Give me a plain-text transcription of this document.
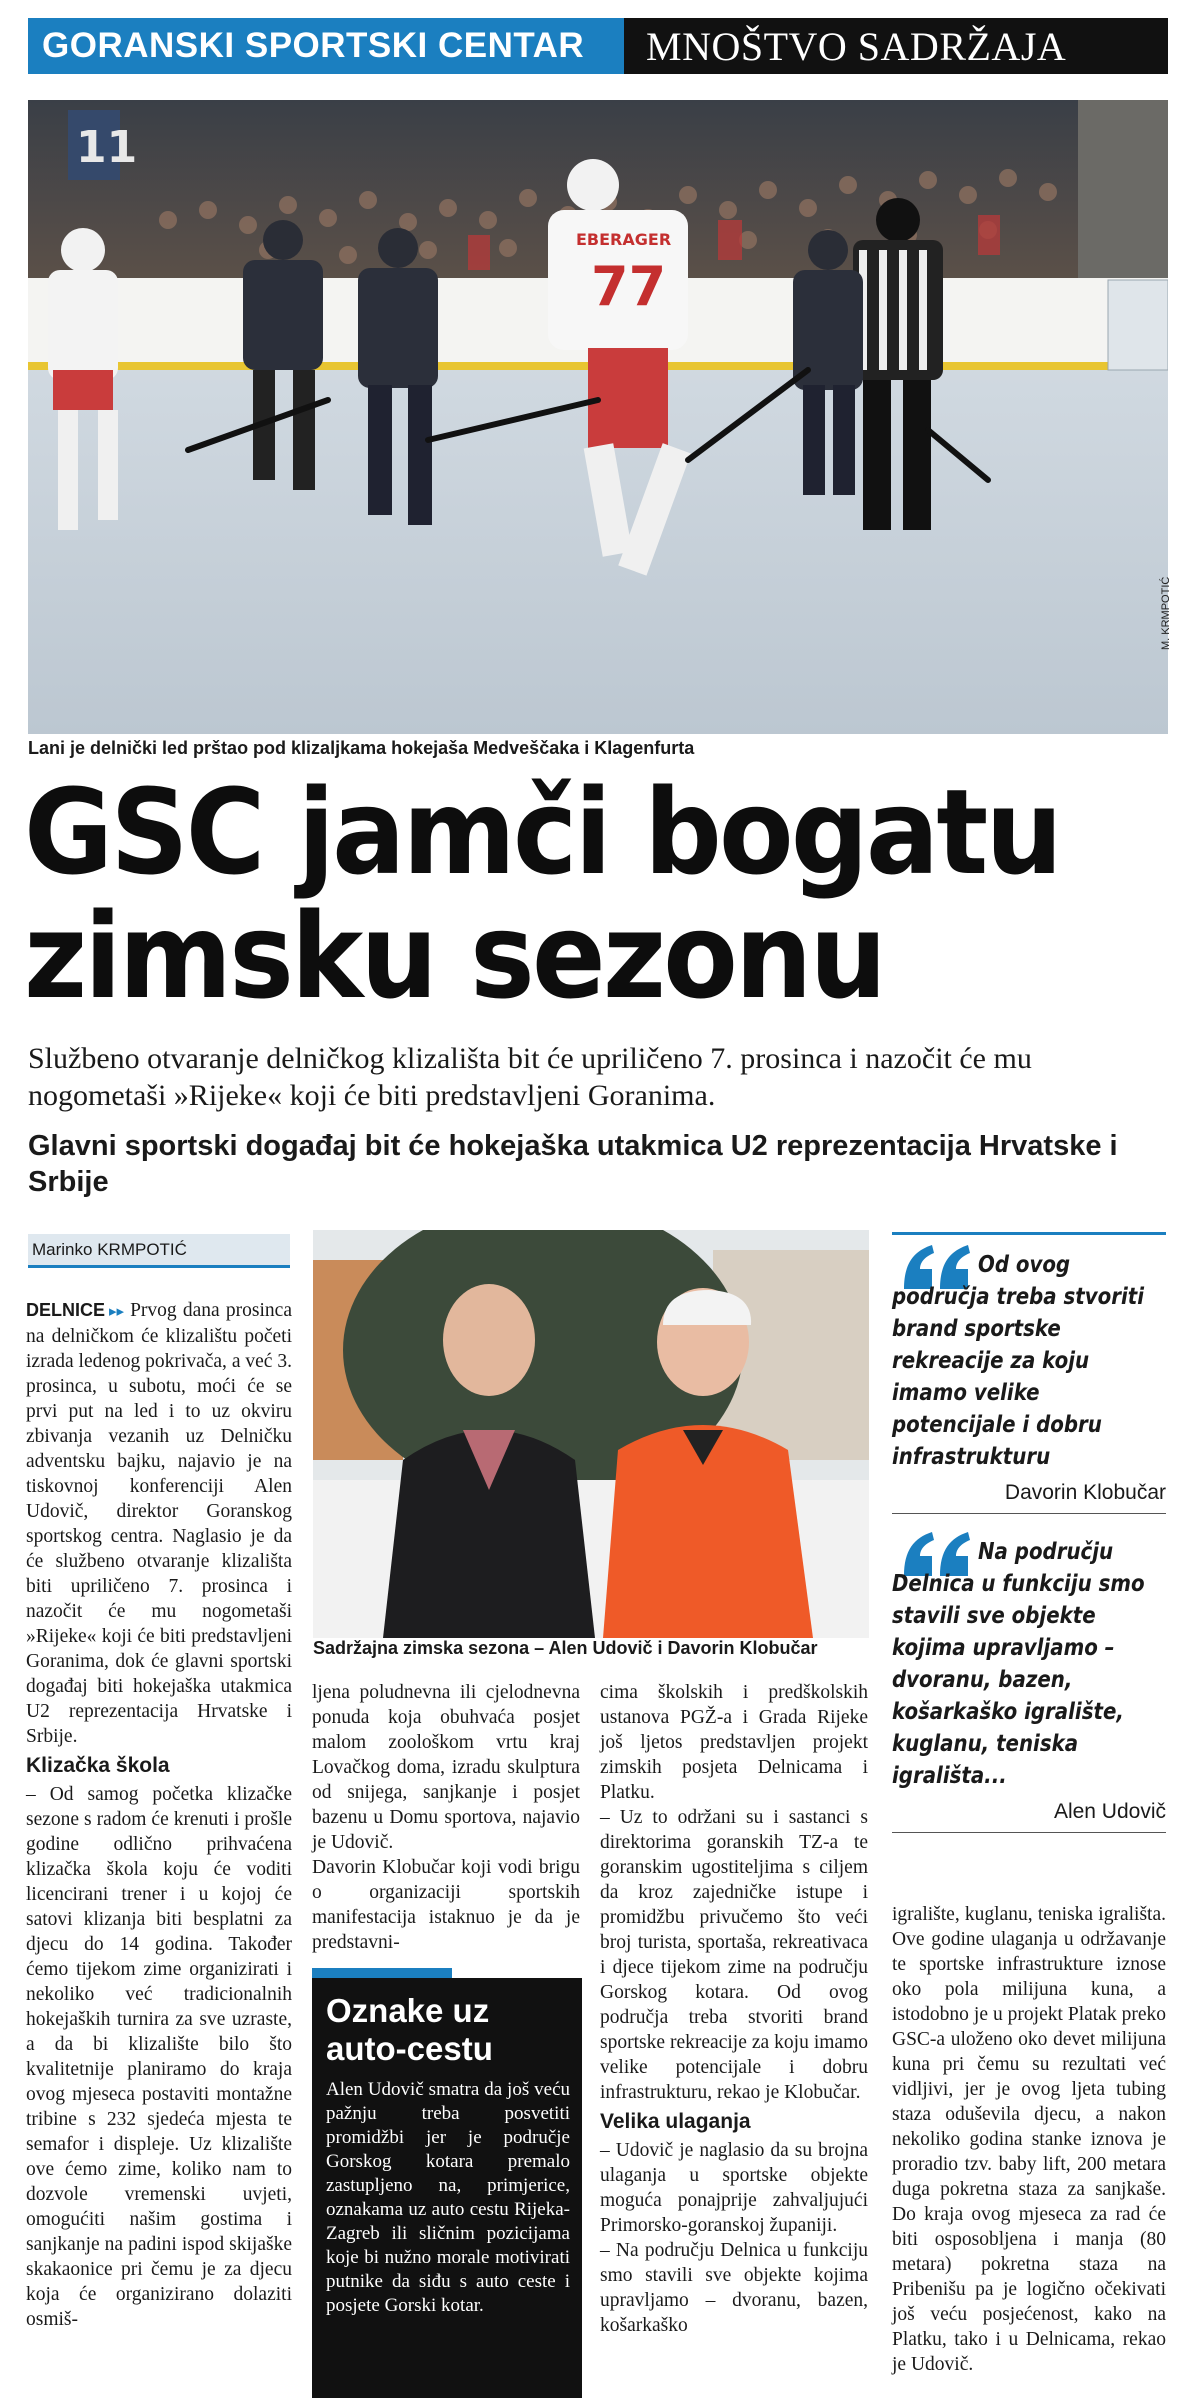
GORANSKI SPORTSKI CENTAR	MNOŠTVO SADRŽAJA
11
77
EBERAGER
M. KRMPOTIĆ
Lani je delnički led prštao pod klizaljkama hokejaša Medveščaka i Klagenfurta
GSC jamči bogatu
zimsku sezonu
Službeno otvaranje delničkog klizališta bit će upriličeno 7. prosinca i nazočit će mu nogometaši »Rijeke« koji će biti predstavljeni Goranima.
Glavni sportski događaj bit će hokejaška utakmica U2 reprezentacija Hrvatske i Srbije
Marinko
KRMPOTIĆ

DELNICE ▸▸ Prvog dana prosinca na delničkom će klizalištu početi izrada ledenog pokrivača, a već 3. prosinca, u subotu, moći će se prvi put na led i to uz okviru zbivanja vezanih uz Delničku adventsku bajku, najavio je na tiskovnoj konferenciji Alen Udovič, direktor Goranskog sportskog centra. Naglasio je da će službeno otvaranje klizališta biti upriličeno 7. prosinca i nazočit će mu nogometaši »Rijeke« koji će biti predstavljeni Goranima, dok će glavni sportski događaj biti hokejaška utakmica U2 reprezentacija Hrvatske i Srbije.

Klizačka škola

– Od samog početka klizačke sezone s radom će krenuti i prošle godine odlično prihvaćena klizačka škola koju će voditi licencirani trener i u kojoj će satovi klizanja biti besplatni za djecu do 14 godina. Također ćemo tijekom zime organizirati i nekoliko već tradicionalnih hokejaških turnira za sve uzraste, a da bi klizalište bilo što kvalitetnije planiramo do kraja ovog mjeseca postaviti montažne tribine s 232 sjedeća mjesta te semafor i displeje. Uz klizalište ove ćemo zime, koliko nam to dozvole vremenski uvjeti, omogućiti našim gostima i sanjkanje na padini ispod skijaške skakaonice pri čemu je za djecu koja će organizirano dolaziti osmiš-

Sadržajna zimska sezona – Alen Udovič i Davorin Klobučar

ljena poludnevna ili cjelodnevna ponuda koja obuhvaća posjet malom zoološkom vrtu kraj Lovačkog doma, izradu skulptura od snijega, sanjkanje i posjet bazenu u Domu sportova, najavio je Udovič.

Davorin Klobučar koji vodi brigu o organizaciji sportskih manifestacija istaknuo je da je predstavni-

Oznake uz auto-cestu
Alen Udovič smatra da još veću pažnju treba posvetiti promidžbi jer je područje Gorskog kotara premalo zastupljeno na, primjerice, oznakama uz auto cestu Rijeka-Zagreb ili sličnim pozicijama koje bi nužno morale motivirati putnike da siđu s auto ceste i posjete Gorski kotar.

cima školskih i predškolskih ustanova PGŽ-a i Grada Rijeke još ljetos predstavljen projekt zimskih posjeta Delnicama i Platku.

– Uz to održani su i sastanci s direktorima goranskih TZ-a te goranskim ugostiteljima s ciljem da kroz zajedničke istupe i promidžbu privučemo što veći broj turista, sportaša, rekreativaca i djece tijekom zime na području Gorskog kotara. Od ovog područja treba stvoriti brand sportske rekreacije za koju imamo velike potencijale i dobru infrastrukturu, rekao je Klobučar.

Velika ulaganja

– Udovič je naglasio da su brojna ulaganja u sportske objekte moguća ponajprije zahvaljujući Primorsko-goranskoj županiji.

– Na području Delnica u funkciju smo stavili sve objekte kojima upravljamo – dvoranu, bazen, košarkaško

Od ovog područja treba stvoriti brand sportske rekreacije za koju imamo velike potencijale i dobru infrastrukturu
Davorin Klobučar
Na području Delnica u funkciju smo stavili sve objekte kojima upravljamo – dvoranu, bazen, košarkaško igralište, kuglanu, teniska igrališta...
Alen Udovič

igralište, kuglanu, teniska igrališta. Ove godine ulaganja u održavanje te sportske infrastrukture iznose oko pola milijuna kuna, a istodobno je u projekt Platak preko GSC-a uloženo oko devet milijuna kuna pri čemu su rezultati već vidljivi, jer je ovog ljeta tubing staza oduševila djecu, a nakon nekoliko godina stanke iznova je proradio tzv. baby lift, 200 metara duga pokretna staza za sanjkaše. Do kraja ovog mjeseca za rad će biti osposobljena i manja (80 metara) pokretna staza na Pribenišu pa je logično očekivati još veću posjećenost, kako na Platku, tako i u Delnicama, rekao je Udovič.
